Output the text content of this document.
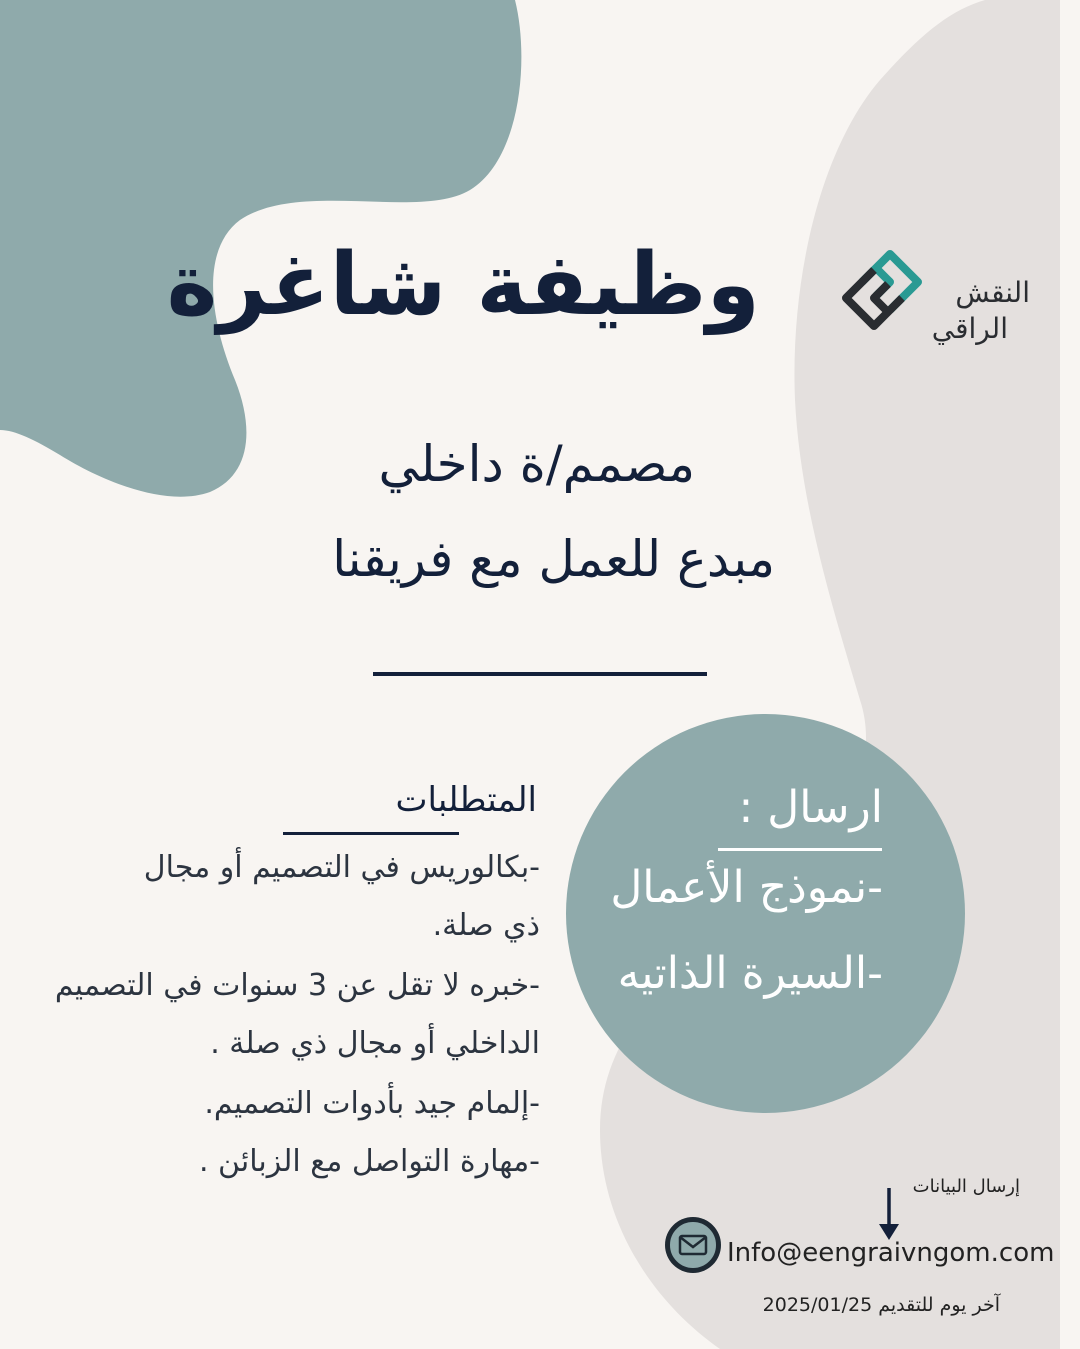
النقش
الراقي
وظيفة شاغرة
مصمم/ة داخلي
مبدع للعمل مع فريقنا
المتطلبات
-بكالوريس في التصميم أو مجال
ذي صلة.
-خبره لا تقل عن 3 سنوات في التصميم
الداخلي أو مجال ذي صلة .
-إلمام جيد بأدوات التصميم.
-مهارة التواصل مع الزبائن .
ارسال :
-نموذج الأعمال
-السيرة الذاتيه
إرسال البيانات
Info@eengraivngom.com
آخر يوم للتقديم 2025/01/25
